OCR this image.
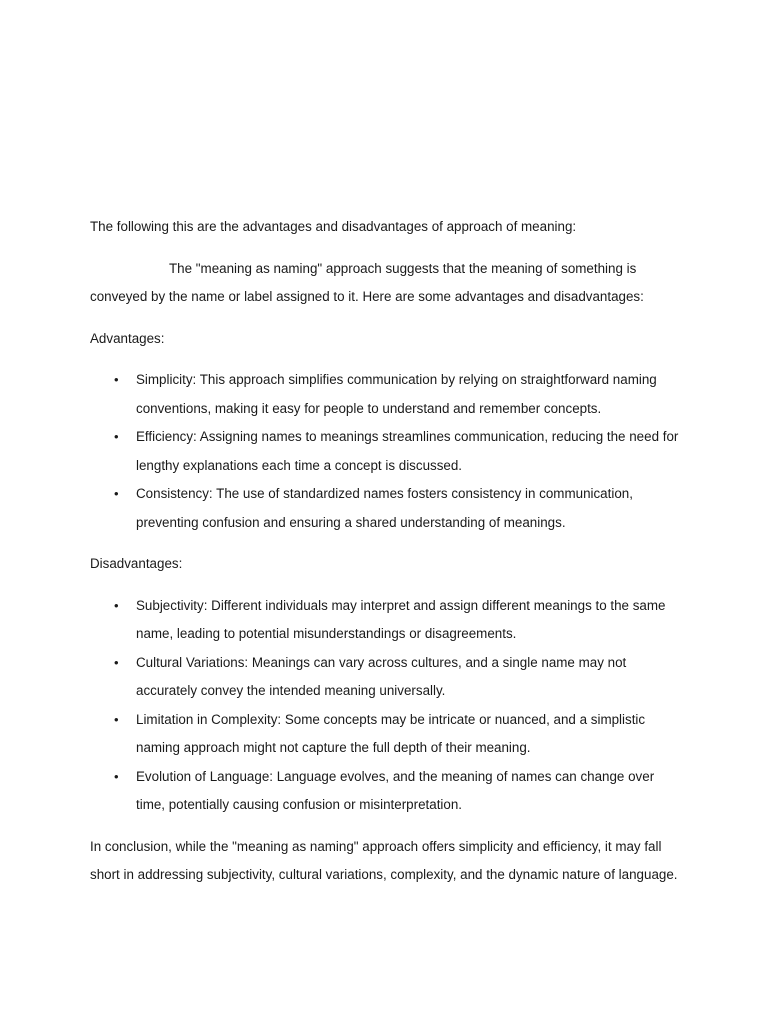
The following this are the advantages and disadvantages of approach of meaning:

The "meaning as naming" approach suggests that the meaning of something is conveyed by the name or label assigned to it. Here are some advantages and disadvantages:

Advantages:

• Simplicity: This approach simplifies communication by relying on straightforward naming conventions, making it easy for people to understand and remember concepts.
• Efficiency: Assigning names to meanings streamlines communication, reducing the need for lengthy explanations each time a concept is discussed.
• Consistency: The use of standardized names fosters consistency in communication, preventing confusion and ensuring a shared understanding of meanings.

Disadvantages:

• Subjectivity: Different individuals may interpret and assign different meanings to the same name, leading to potential misunderstandings or disagreements.
• Cultural Variations: Meanings can vary across cultures, and a single name may not accurately convey the intended meaning universally.
• Limitation in Complexity: Some concepts may be intricate or nuanced, and a simplistic naming approach might not capture the full depth of their meaning.
• Evolution of Language: Language evolves, and the meaning of names can change over time, potentially causing confusion or misinterpretation.

In conclusion, while the "meaning as naming" approach offers simplicity and efficiency, it may fall short in addressing subjectivity, cultural variations, complexity, and the dynamic nature of language.
